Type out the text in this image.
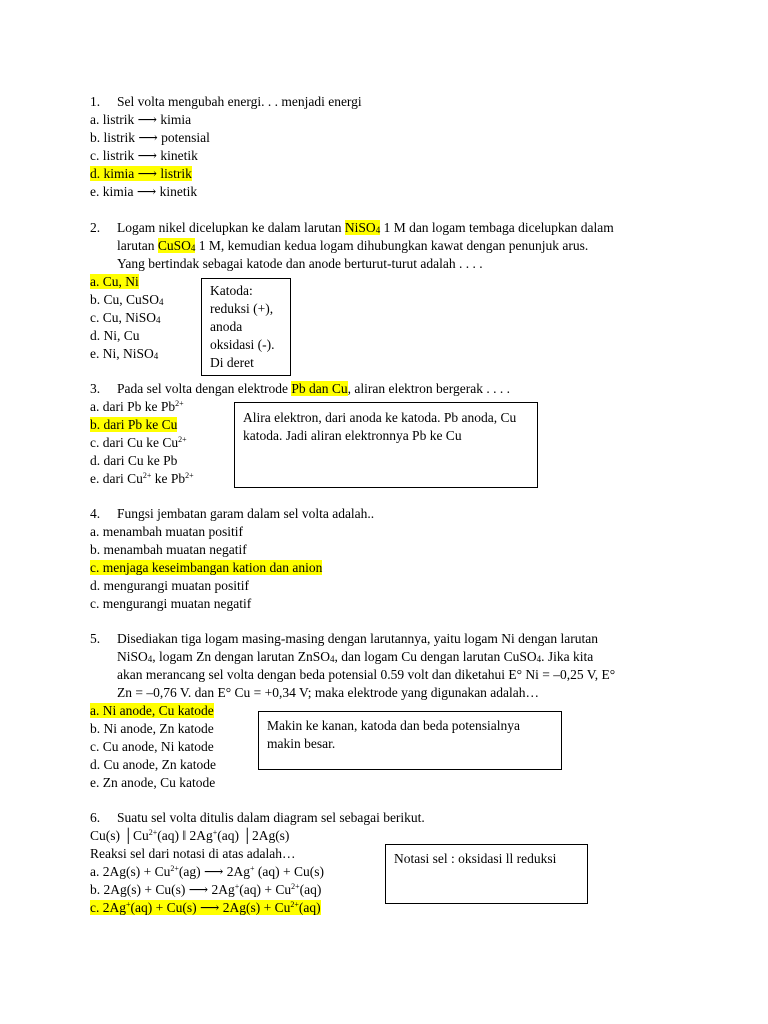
1. Sel volta mengubah energi. . . menjadi energi
a. listrik ⟶ kimia
b. listrik ⟶ potensial
c. listrik ⟶ kinetik
d. kimia ⟶ listrik
e. kimia ⟶ kinetik
2. Logam nikel dicelupkan ke dalam larutan NiSO$_4$ 1 M dan logam tembaga dicelupkan dalam
larutan CuSO$_4$ 1 M, kemudian kedua logam dihubungkan kawat dengan penunjuk arus.
Yang bertindak sebagai katode dan anode berturut-turut adalah . . . .
a. Cu, Ni
b. Cu, CuSO$_4$
c. Cu, NiSO$_4$
d. Ni, Cu
e. Ni, NiSO$_4$

Katoda:

reduksi (+),

anoda

oksidasi (-).

Di deret

3. Pada sel volta dengan elektrode Pb dan Cu, aliran elektron bergerak . . . .
a. dari Pb ke $Pb^{2+}$
b. dari Pb ke Cu
c. dari Cu ke $Cu^{2+}$
d. dari Cu ke Pb
e. dari $Cu^{2+}$ ke $Pb^{2+}$

Alira elektron, dari anoda ke katoda. Pb anoda, Cu katoda. Jadi aliran elektronnya Pb ke Cu

4. Fungsi jembatan garam dalam sel volta adalah..
a. menambah muatan positif
b. menambah muatan negatif
c. menjaga keseimbangan kation dan anion
d. mengurangi muatan positif
c. mengurangi muatan negatif
5. Disediakan tiga logam masing-masing dengan larutannya, yaitu logam Ni dengan larutan
NiSO$_4$, logam Zn dengan larutan ZnSO$_4$, dan logam Cu dengan larutan CuSO$_4$. Jika kita
akan merancang sel volta dengan beda potensial 0.59 volt dan diketahui E° Ni = –0,25 V, E°
Zn = –0,76 V. dan E° Cu = +0,34 V; maka elektrode yang digunakan adalah…
a. Ni anode, Cu katode
b. Ni anode, Zn katode
c. Cu anode, Ni katode
d. Cu anode, Zn katode
e. Zn anode, Cu katode

Makin ke kanan, katoda dan beda potensialnya makin besar.

6. Suatu sel volta ditulis dalam diagram sel sebagai berikut.
Cu(s) $│Cu^{2+}(aq)$ ǁ 2Ag+(aq) │2Ag(s)
Reaksi sel dari notasi di atas adalah…
a. $2Ag(s) + Cu^{2+}(ag)$ ⟶ 2Ag+ (aq) + Cu(s)
b. 2Ag(s) + Cu(s) ⟶ $2Ag^+(aq) + Cu^{2+}(aq)$
c. 2Ag+(aq) + Cu(s) ⟶ $2Ag(s) + Cu^{2+}(aq)$

Notasi sel : oksidasi ll reduksi
